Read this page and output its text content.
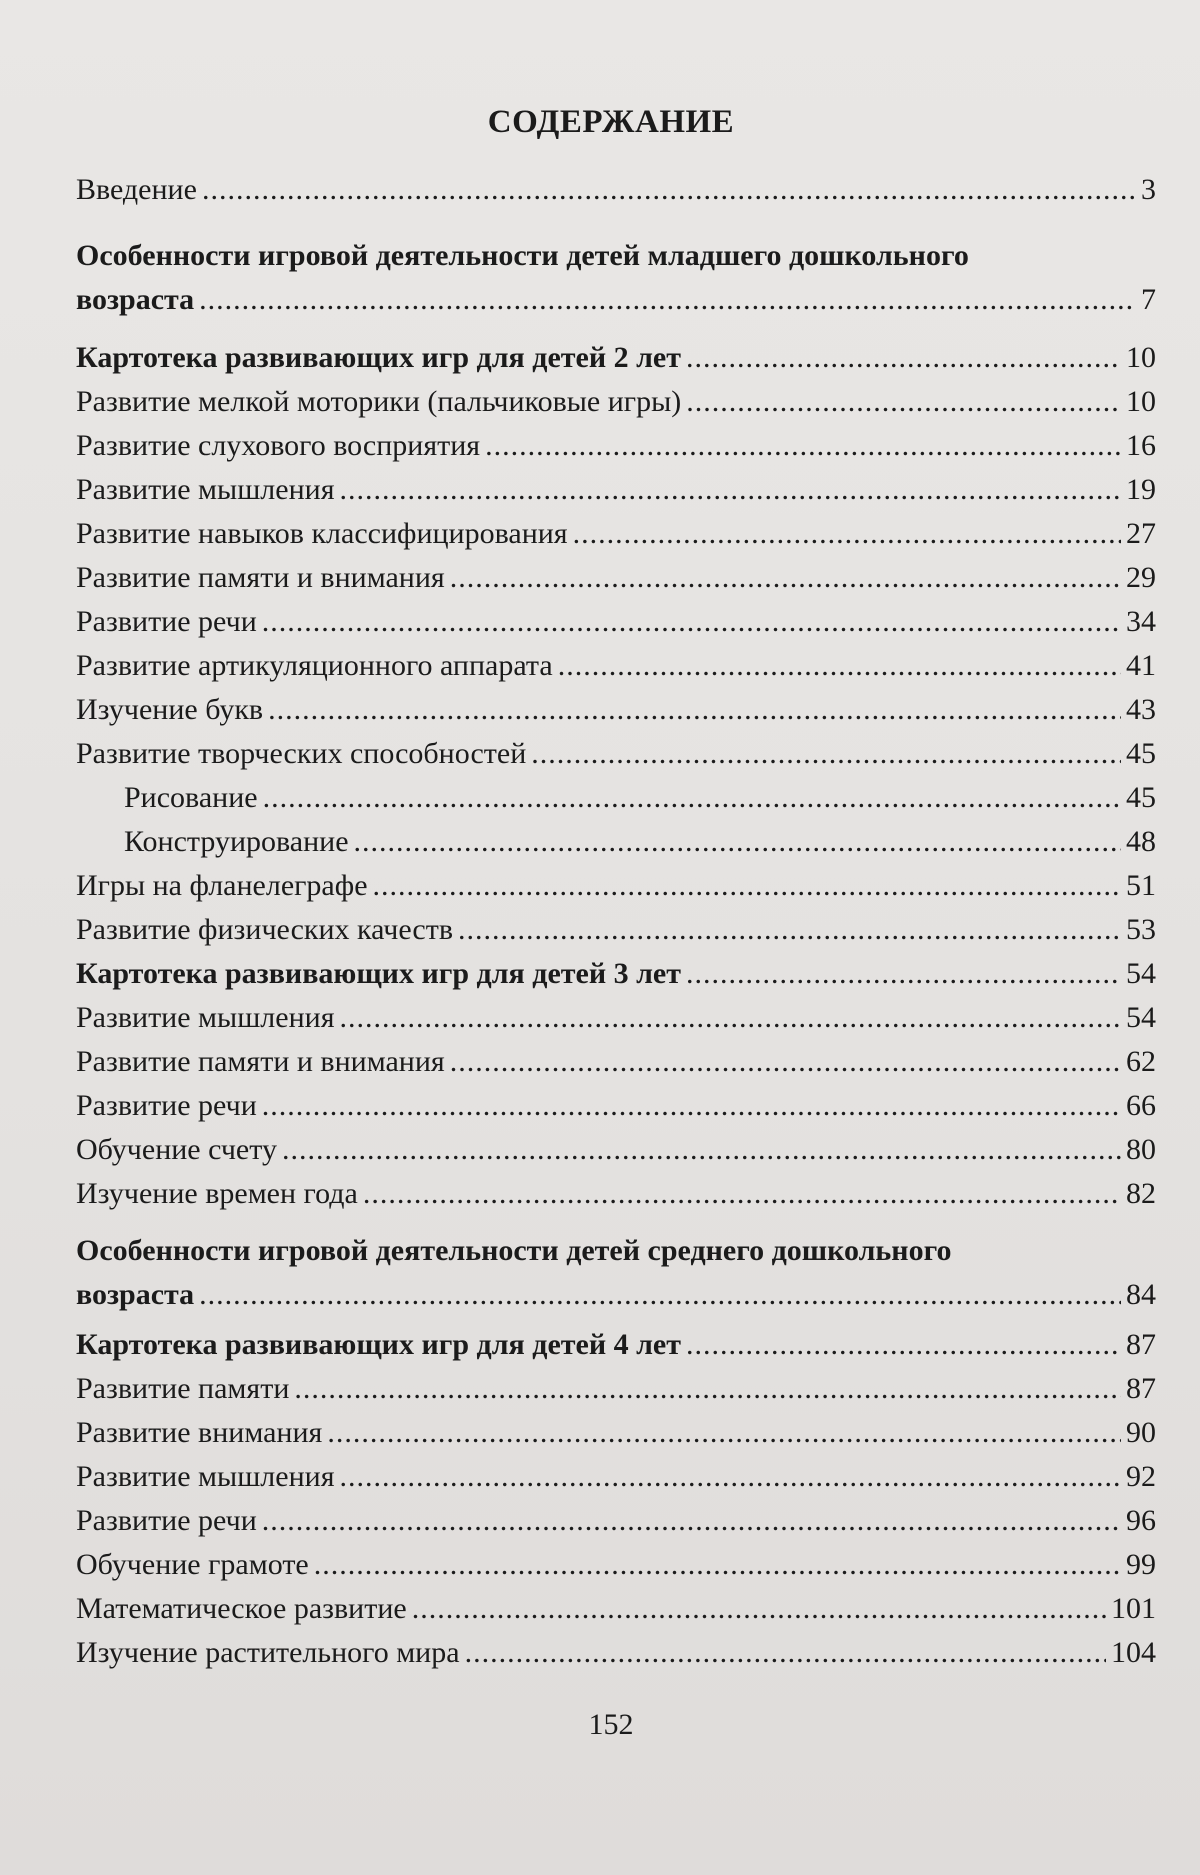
СОДЕРЖАНИЕ
Введение .....	3
Особенности игровой деятельности детей младшего дошкольного
возраста .....	7
Картотека развивающих игр для детей 2 лет .....	10
Развитие мелкой моторики (пальчиковые игры) .....	10
Развитие слухового восприятия .....	16
Развитие мышления .....	19
Развитие навыков классифицирования .....	27
Развитие памяти и внимания .....	29
Развитие речи .....	34
Развитие артикуляционного аппарата .....	41
Изучение букв .....	43
Развитие творческих способностей .....	45
Рисование .....	45
Конструирование .....	48
Игры на фланелеграфе .....	51
Развитие физических качеств .....	53
Картотека развивающих игр для детей 3 лет .....	54
Развитие мышления .....	54
Развитие памяти и внимания .....	62
Развитие речи .....	66
Обучение счету .....	80
Изучение времен года .....	82
Особенности игровой деятельности детей среднего дошкольного
возраста .....	84
Картотека развивающих игр для детей 4 лет .....	87
Развитие памяти .....	87
Развитие внимания .....	90
Развитие мышления .....	92
Развитие речи .....	96
Обучение грамоте .....	99
Математическое развитие .....	101
Изучение растительного мира .....	104
152
